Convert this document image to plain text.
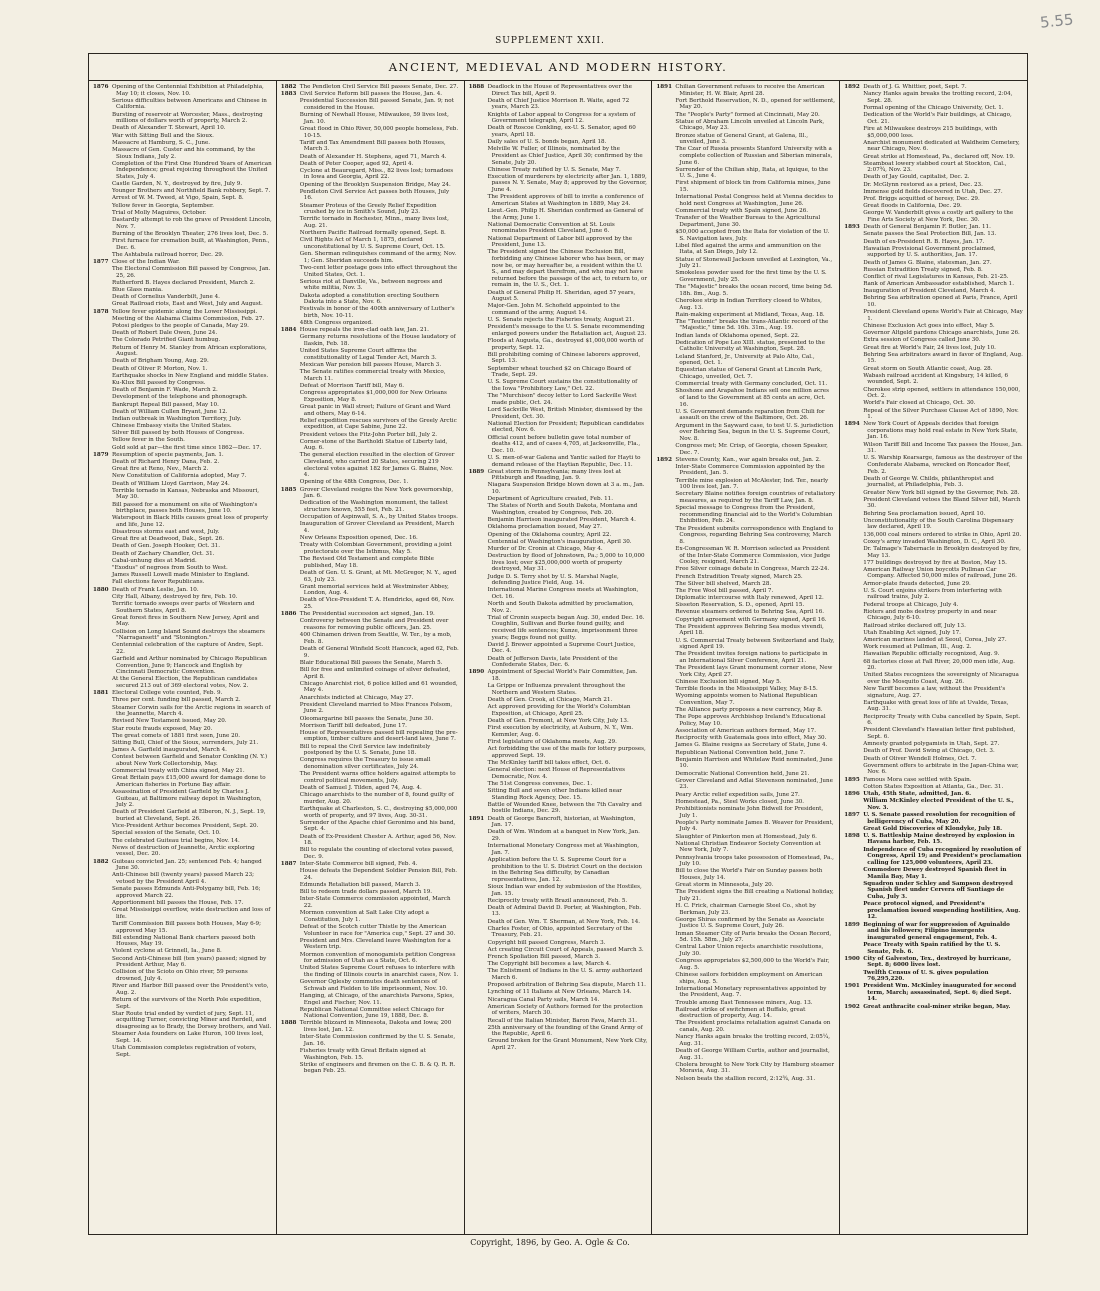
5.55
SUPPLEMENT XXII.
ANCIENT, MEDIEVAL AND MODERN HISTORY.
1876 Opening of the Centennial Exhibition at Philadelphia, May 10; it closes, Nov. 10.
Serious difficulties between Americans and Chinese in California.
Bursting of reservoir at Worcester, Mass., destroying millions of dollars worth of property, March 2.
Death of Alexander T. Stewart, April 10.
War with Sitting Bull and the Sioux.
Massacre at Hamburg, S. C., June.
Massacre of Gen. Custer and his command, by the Sioux Indians, July 2.
Completion of the First One Hundred Years of American Independence; great rejoicing throughout the United States, July 4.
Castle Garden, N. Y., destroyed by fire, July 9.
Younger Brothers and Northfield Bank robbery, Sept. 7.
Arrest of W. M. Tweed, at Vigo, Spain, Sept. 8.
Yellow fever in Georgia, September.
Trial of Molly Maguires, October.
Dastardly attempt to rob the grave of President Lincoln, Nov. 7.
Burning of the Brooklyn Theater, 276 lives lost, Dec. 5.
First furnace for cremation built, at Washington, Penn., Dec. 6.
The Ashtabula railroad horror, Dec. 29.
1877 Close of the Indian War.
The Electoral Commission Bill passed by Congress, Jan. 25, 26.
Rutherford B. Hayes declared President, March 2.
Blue Glass mania.
Death of Cornelius Vanderbilt, June 4.
Great Railroad riots, East and West, July and August.
1878 Yellow fever epidemic along the Lower Mississippi.
Meeting of the Alabama Claims Commission, Feb. 27.
Potosi pledges to the people of Canada, May 29.
Death of Robert Dale Owen, June 24.
The Colorado Petrified Giant humbug.
Return of Henry M. Stanley from African explorations, August.
Death of Brigham Young, Aug. 29.
Death of Oliver P. Morton, Nov. 1.
Earthquake shocks in New England and middle States.
Ku-Klux Bill passed by Congress.
Death of Benjamin F. Wade, March 2.
Development of the telephone and phonograph.
Bankrupt Repeal Bill passed, May 10.
Death of William Cullen Bryant, June 12.
Indian outbreak in Washington Territory, July.
Chinese Embassy visits the United States.
Silver Bill passed by both Houses of Congress.
Yellow fever in the South.
Gold sold at par—the first time since 1862—Dec. 17.
1879 Resumption of specie payments, Jan. 1.
Death of Richard Henry Dana, Feb. 2.
Great fire at Reno, Nev., March 2.
New Constitution of California adopted, May 7.
Death of William Lloyd Garrison, May 24.
Terrible tornado in Kansas, Nebraska and Missouri, May 30.
Bill passed for a monument on site of Washington's birthplace, passes both Houses, June 10.
Waterspout in Black Hills causes great loss of property and life, June 12.
Disastrous storms east and west, July.
Great fire at Deadwood, Dak., Sept. 26.
Death of Gen. Joseph Hooker, Oct. 31.
Death of Zachary Chandler, Oct. 31.
Cabal-unhung dies at Madrid.
"Exodus" of negroes from South to West.
James Russell Lowell made Minister to England.
Fall elections favor Republicans.
1880 Death of Frank Leslie, Jan. 10.
City Hall, Albany, destroyed by fire, Feb. 10.
Terrific tornado sweeps over parts of Western and Southern States, April 8.
Great forest fires in Southern New Jersey, April and May.
Collision on Long Island Sound destroys the steamers "Narragansett" and "Stonington."
Centennial celebration of the capture of Andre, Sept. 22.
Garfield and Arthur nominated by Chicago Republican Convention, June 9; Hancock and English by Cincinnati Democratic Convention.
At the General Election, the Republican candidates secured 213 out of 369 electoral votes, Nov. 2.
1881 Electoral College vote counted, Feb. 9.
Three per cent. funding bill passed, March 2.
Steamer Corwin sails for the Arctic regions in search of the Jeannette, March 4.
Revised New Testament issued, May 20.
Star route frauds exposed, May 20.
The great comets of 1881 first seen, June 20.
Sitting Bull, Chief of the Sioux, surrenders, July 21.
James A. Garfield inaugurated, March 4.
Contest between Garfield and Senator Conkling (N. Y.) about New York Collectorship, May.
Commercial treaty with China signed, May 21.
Great Britain pays £15,000 award for damage done to American fisheries in Fortune Bay affair.
Assassination of President Garfield by Charles J. Guiteau, at Baltimore railway depot in Washington, July 2.
Death of President Garfield at Elberon, N. J., Sept. 19, buried at Cleveland, Sept. 26.
Vice-President Arthur becomes President, Sept. 20.
Special session of the Senate, Oct. 10.
The celebrated Guiteau trial begins, Nov. 14.
News of destruction of Jeannette, Arctic exploring vessel, Dec. 20.
1882 Guiteau convicted Jan. 25; sentenced Feb. 4; hanged June 30.
Anti-Chinese bill (twenty years) passed March 23; vetoed by the President April 4.
Senate passes Edmunds Anti-Polygamy bill, Feb. 16; approved March 22.
Apportionment bill passes the House, Feb. 17.
Great Mississippi overflow, wide destruction and loss of life.
Tariff Commission Bill passes both Houses, May 6-9; approved May 15.
Bill extending National Bank charters passed both Houses, May 19.
Violent cyclone at Grinnell, Ia., June 8.
Second Anti-Chinese bill (ten years) passed; signed by President Arthur, May 6.
Collision of the Scioto on Ohio river, 59 persons drowned, July 4.
River and Harbor Bill passed over the President's veto, Aug. 2.
Return of the survivors of the North Pole expedition, Sept.
Star Route trial ended by verdict of jury, Sept. 11, acquitting Turner, convicting Miner and Rerdell, and disagreeing as to Brady, the Dorsey brothers, and Vail.
Steamer Asia founders on Lake Huron, 100 lives lost, Sept. 14.
Utah Commission completes registration of voters, Sept.
1882 The Pendleton Civil Service Bill passes Senate, Dec. 27.
1883 Civil Service Reform bill passes the House, Jan. 4.
Presidential Succession Bill passed Senate, Jan. 9; not considered in the House.
Burning of Newhall House, Milwaukee, 59 lives lost, Jan. 10.
Great flood in Ohio River, 50,000 people homeless, Feb. 10-15.
Tariff and Tax Amendment Bill passes both Houses, March 3.
Death of Alexander H. Stephens, aged 71, March 4.
Death of Peter Cooper, aged 92, April 4.
Cyclone at Beauregard, Miss., 82 lives lost; tornadoes in Iowa and Georgia, April 22.
Opening of the Brooklyn Suspension Bridge, May 24.
Pendleton Civil Service Act passes both Houses, July 16.
Steamer Proteus of the Greely Relief Expedition crushed by ice in Smith's Sound, July 23.
Terrific tornado in Rochester, Minn., many lives lost, Aug. 21.
Northern Pacific Railroad formally opened, Sept. 8.
Civil Rights Act of March 1, 1875, declared unconstitutional by U. S. Supreme Court, Oct. 15.
Gen. Sherman relinquishes command of the army, Nov. 1; Gen. Sheridan succeeds him.
Two-cent letter postage goes into effect throughout the United States, Oct. 1.
Serious riot at Danville, Va., between negroes and white militia, Nov. 3.
Dakota adopted a constitution erecting Southern Dakota into a State, Nov. 6.
Festivals in honor of the 400th anniversary of Luther's birth, Nov. 10-11.
48th Congress organized.
1884 House repeals the iron-clad oath law, Jan. 21.
Germany returns resolutions of the House laudatory of Ilaskin, Feb. 18.
United States Supreme Court affirms the constitutionality of Legal Tender Act, March 3.
Mexican War pension bill passes House, March 3.
The Senate ratifies commercial treaty with Mexico, March 11.
Defeat of Morrison Tariff bill, May 6.
Congress appropriates $1,000,000 for New Orleans Exposition, May 8.
Great panic in Wall street; Failure of Grant and Ward and others, May 6-14.
Relief expedition rescues survivors of the Greely Arctic expedition, at Cape Sabine, June 22.
President vetoes the Fitz-John Porter bill, July 2.
Corner-stone of the Bartholdi Statue of Liberty laid, Aug. 6.
The general election resulted in the election of Grover Cleveland, who carried 20 States, securing 219 electoral votes against 182 for James G. Blaine, Nov. 4.
Opening of the 48th Congress, Dec. 1.
1885 Grover Cleveland resigns the New York governorship, Jan. 6.
Dedication of the Washington monument, the tallest structure known, 555 feet, Feb. 21.
Occupation of Aspinwall, S. A., by United States troops.
Inauguration of Grover Cleveland as President, March 4.
New Orleans Exposition opened, Dec. 16.
Treaty with Colombian Government, providing a joint protectorate over the Isthmus, May 5.
The Revised Old Testament and complete Bible published, May 18.
Death of Gen. U. S. Grant, at Mt. McGregor, N. Y., aged 63, July 23.
Grant memorial services held at Westminster Abbey, London, Aug. 4.
Death of Vice-President T. A. Hendricks, aged 66, Nov. 25.
1886 The Presidential succession act signed, Jan. 19.
Controversy between the Senate and President over reasons for removing public officers, Jan. 25.
400 Chinamen driven from Seattle, W. Ter., by a mob, Feb. 8.
Death of General Winfield Scott Hancock, aged 62, Feb. 9.
Blair Educational Bill passes the Senate, March 5.
Bill for free and unlimited coinage of silver defeated, April 8.
Chicago Anarchist riot, 6 police killed and 61 wounded, May 4.
Anarchists indicted at Chicago, May 27.
President Cleveland married to Miss Frances Folsom, June 2.
Oleomargarine bill passes the Senate, June 30.
Morrison Tariff bill defeated, June 17.
House of Representatives passed bill repealing the pre-emption, timber culture and desert-land laws, June 7.
Bill to repeal the Civil Service law indefinitely postponed by the U. S. Senate, June 18.
Congress requires the Treasury to issue small denomination silver certificates, July 24.
The President warns office holders against attempts to control political movements, July.
Death of Samuel J. Tilden, aged 74, Aug. 4.
Chicago anarchists to the number of 8, found guilty of murder, Aug. 20.
Earthquake at Charleston, S. C., destroying $5,000,000 worth of property, and 97 lives, Aug. 30-31.
Surrender of the Apache chief Geronimo and his band, Sept. 4.
Death of Ex-President Chester A. Arthur, aged 56, Nov. 18.
Bill to regulate the counting of electoral votes passed, Dec. 9.
1887 Inter-State Commerce bill signed, Feb. 4.
House defeats the Dependent Soldier Pension Bill, Feb. 24.
Edmunds Retaliation bill passed, March 3.
Bill to redeem trade dollars passed, March 19.
Inter-State Commerce commission appointed, March 22.
Mormon convention at Salt Lake City adopt a Constitution, July 1.
Defeat of the Scotch cutter Thistle by the American Volunteer in race for "America cup," Sept. 27 and 30.
President and Mrs. Cleveland leave Washington for a Western trip.
Mormon convention of monogamists petition Congress for admission of Utah as a State, Oct. 6.
United States Supreme Court refuses to interfere with the finding of Illinois courts in anarchist cases, Nov. 1.
Governor Oglesby commutes death sentences of Schwab and Fielden to life imprisonment, Nov. 10.
Hanging, at Chicago, of the anarchists Parsons, Spies, Engel and Fischer, Nov. 11.
Republican National Committee select Chicago for National Convention, June 19, 1888, Dec. 8.
1888 Terrible blizzard in Minnesota, Dakota and Iowa; 200 lives lost, Jan. 12.
Inter-State Commission confirmed by the U. S. Senate, Jan. 16.
Fisheries treaty with Great Britain signed at Washington, Feb. 15.
Strike of engineers and firemen on the C. B. & Q. R. R. began Feb. 25.
1888 Deadlock in the House of Representatives over the Direct Tax bill, April 9.
Death of Chief Justice Morrison R. Waite, aged 72 years, March 23.
Knights of Labor appeal to Congress for a system of Government telegraph, April 12.
Death of Roscoe Conkling, ex-U. S. Senator, aged 60 years, April 18.
Daily sales of U. S. bonds began, April 18.
Melville W. Fuller, of Illinois, nominated by the President as Chief Justice, April 30; confirmed by the Senate, July 20.
Chinese Treaty ratified by U. S. Senate, May 7.
Execution of murderers by electricity after Jan. 1, 1889, passes N. Y. Senate, May 8; approved by the Governor, June 4.
The President approves of bill to invite a conference of American States at Washington in 1889, May 24.
Lieut.-Gen. Philip H. Sheridan confirmed as General of the Army, June 1.
National Democratic Convention at St. Louis renominates President Cleveland, June 6.
National Department of Labor bill approved by the President, June 13.
The President signed the Chinese Exclusion Bill, forbidding any Chinese laborer who has been, or may now be, or may hereafter be, a resident within the U. S., and may depart therefrom, and who may not have returned before the passage of the act, to return to, or remain in, the U. S., Oct. 1.
Death of General Philip H. Sheridan, aged 57 years, August 5.
Major-Gen. John M. Schofield appointed to the command of the army, August 14.
U. S. Senate rejects the Fisheries treaty, August 21.
President's message to the U. S. Senate recommending enlarged powers under the Retaliation act, August 23.
Floods at Augusta, Ga., destroyed $1,000,000 worth of property, Sept. 12.
Bill prohibiting coming of Chinese laborers approved, Sept. 13.
September wheat touched $2 on Chicago Board of Trade, Sept. 29.
U. S. Supreme Court sustains the constitutionality of the Iowa "Prohibitory Law," Oct. 22.
The "Murchison" decoy letter to Lord Sackville West made public, Oct. 24.
Lord Sackville West, British Minister, dismissed by the President, Oct. 30.
National Election for President; Republican candidates elected, Nov. 6.
Official count before bulletin gave total number of deaths 412, and of cases 4,705, at Jacksonville, Fla., Dec. 10.
U. S. men-of-war Galena and Yantic sailed for Hayti to demand release of the Haytian Republic, Dec. 11.
1889 Great storm in Pennsylvania; many lives lost at Pittsburgh and Reading, Jan. 9.
Niagara Suspension Bridge blown down at 3 a. m., Jan. 10.
Department of Agriculture created, Feb. 11.
The States of North and South Dakota, Montana and Washington, created by Congress, Feb. 20.
Benjamin Harrison inaugurated President, March 4.
Oklahoma proclamation issued, May 27.
Opening of the Oklahoma country, April 22.
Centennial of Washington's inauguration, April 30.
Murder of Dr. Cronin at Chicago, May 4.
Destruction by flood of Johnstown, Pa.; 5,000 to 10,000 lives lost; over $25,000,000 worth of property destroyed, May 31.
Judge D. S. Terry shot by U. S. Marshal Nagle, defending Justice Field, Aug. 14.
International Marine Congress meets at Washington, Oct. 16.
North and South Dakota admitted by proclamation, Nov. 2.
Trial of Cronin suspects began Aug. 30, ended Dec. 16. Coughlin, Sullivan and Burke found guilty, and received life sentences; Kunze, imprisonment three years; Beggs found not guilty.
David J. Brewer appointed a Supreme Court Justice, Dec. 4.
Death of Jefferson Davis, late President of the Confederate States, Dec. 6.
1890 Appointment of Special World's Fair Committee, Jan. 18.
La Grippe or Influenza prevalent throughout the Northern and Western States.
Death of Gen. Crook, at Chicago, March 21.
Act approved providing for the World's Columbian Exposition, at Chicago, April 25.
Death of Gen. Fremont, at New York City, July 13.
First execution by electricity, at Auburn, N. Y., Wm. Kemmler, Aug. 6.
First legislature of Oklahoma meets, Aug. 29.
Act forbidding the use of the mails for lottery purposes, approved Sept. 19.
The McKinley tariff bill takes effect, Oct. 6.
General election: next House of Representatives Democratic, Nov. 4.
The 51st Congress convenes, Dec. 1.
Sitting Bull and seven other Indians killed near Standing Rock Agency, Dec. 15.
Battle of Wounded Knee, between the 7th Cavalry and hostile Indians, Dec. 29.
1891 Death of George Bancroft, historian, at Washington, Jan. 17.
Death of Wm. Windom at a banquet in New York, Jan. 29.
International Monetary Congress met at Washington, Jan. 7.
Application before the U. S. Supreme Court for a prohibition to the U. S. District Court on the decision in the Behring Sea difficulty, by Canadian representatives, Jan. 12.
Sioux Indian war ended by submission of the Hostiles, Jan. 15.
Reciprocity treaty with Brazil announced, Feb. 5.
Death of Admiral David D. Porter, at Washington, Feb. 13.
Death of Gen. Wm. T. Sherman, at New York, Feb. 14.
Charles Foster, of Ohio, appointed Secretary of the Treasury, Feb. 21.
Copyright bill passed Congress, March 3.
Act creating Circuit Court of Appeals, passed March 3.
French Spoliation Bill passed, March 3.
The Copyright bill becomes a law, March 4.
The Enlistment of Indians in the U. S. army authorized March 6.
Proposed arbitration of Behring Sea dispute, March 11.
Lynching of 11 Italians at New Orleans, March 14.
Nicaragua Canal Party sails, March 14.
American Society of Authors formed for the protection of writers, March 30.
Recall of the Italian Minister, Baron Fava, March 31.
25th anniversary of the founding of the Grand Army of the Republic, April 6.
Ground broken for the Grant Monument, New York City, April 27.
1891 Chilian Government refuses to receive the American Minister, H. W. Blair, April 28.
Fort Berthold Reservation, N. D., opened for settlement, May 20.
The "People's Party" formed at Cincinnati, May 20.
Statue of Abraham Lincoln unveiled at Lincoln Park, Chicago, May 23.
Bronze statue of General Grant, at Galena, Ill., unveiled, June 3.
The Czar of Russia presents Stanford University with a complete collection of Russian and Siberian minerals, June 6.
Surrender of the Chilian ship, Itata, at Iquique, to the U. S., June 4.
First shipment of block tin from California mines, June 15.
International Postal Congress held at Vienna decides to hold next Congress at Washington, June 26.
Commercial treaty with Spain signed, June 26.
Transfer of the Weather Bureau to the Agricultural Department, June 30.
$50,000 accepted from the Itata for violation of the U. S. Navigation laws, July.
Libel filed against the arms and ammunition on the Itata, at San Diego, July 12.
Statue of Stonewall Jackson unveiled at Lexington, Va., July 21.
Smokeless powder used for the first time by the U. S. Government, July 25.
The "Majestic" breaks the ocean record, time being 5d. 18h. 8m., Aug. 5.
Cherokee strip in Indian Territory closed to Whites, Aug. 13.
Rain-making experiment at Midland, Texas, Aug. 18.
The "Teutonic" breaks the trans-Atlantic record of the "Majestic," time 5d. 16h. 31m., Aug. 19.
Indian lands of Oklahoma opened, Sept. 22.
Dedication of Pope Leo XIII. statue, presented to the Catholic University at Washington, Sept. 28.
Leland Stanford, Jr., University at Palo Alto, Cal., opened, Oct. 1.
Equestrian statue of General Grant at Lincoln Park, Chicago, unveiled, Oct. 7.
Commercial treaty with Germany concluded, Oct. 11.
Shoshone and Arapahoe Indians sell one million acres of land to the Government at 85 cents an acre, Oct. 16.
U. S. Government demands reparation from Chili for assault on the crew of the Baltimore, Oct. 26.
Argument in the Sayward case, to test U. S. jurisdiction over Behring Sea, begun in the U. S. Supreme Court, Nov. 8.
Congress met; Mr. Crisp, of Georgia, chosen Speaker, Dec. 7.
1892 Stevens County, Kan., war again breaks out, Jan. 2.
Inter-State Commerce Commission appointed by the President, Jan. 5.
Terrible mine explosion at McAlester, Ind. Ter., nearly 100 lives lost, Jan. 7.
Secretary Blaine notifies foreign countries of retaliatory measures, as required by the Tariff Law, Jan. 8.
Special message to Congress from the President, recommending financial aid to the World's Columbian Exhibition, Feb. 24.
The President submits correspondence with England to Congress, regarding Behring Sea controversy, March 8.
Ex-Congressman W. R. Morrison selected as President of the Inter-State Commerce Commission, vice Judge Cooley, resigned, March 21.
Free Silver coinage debate in Congress, March 22-24.
French Extradition Treaty signed, March 25.
The Silver bill shelved, March 28.
The Free Wool bill passed, April 7.
Diplomatic intercourse with Italy renewed, April 12.
Sisseton Reservation, S. D., opened, April 15.
Revenue steamers ordered to Behring Sea, April 16.
Copyright agreement with Germany signed, April 16.
The President approves Behring Sea modus vivendi, April 18.
U. S. Commercial Treaty between Switzerland and Italy, signed April 19.
The President invites foreign nations to participate in an International Silver Conference, April 21.
The President lays Grant monument corner stone, New York City, April 27.
Chinese Exclusion bill signed, May 5.
Terrible floods in the Mississippi Valley, May 8-15.
Wyoming appoints women to National Republican Convention, May 7.
The Alliance party proposes a new currency, May 8.
The Pope approves Archbishop Ireland's Educational Policy, May 10.
Association of American authors formed, May 17.
Reciprocity with Guatemala goes into effect, May 30.
James G. Blaine resigns as Secretary of State, June 4.
Republican National Convention held, June 7.
Benjamin Harrison and Whitelaw Reid nominated, June 10.
Democratic National Convention held, June 21.
Grover Cleveland and Adlai Stevenson nominated, June 23.
Peary Arctic relief expedition sails, June 27.
Homestead, Pa., Steel Works closed, June 30.
Prohibitionists nominate John Bidwell for President, July 1.
People's Party nominate James B. Weaver for President, July 4.
Slaughter of Pinkerton men at Homestead, July 6.
National Christian Endeavor Society Convention at New York, July 7.
Pennsylvania troops take possession of Homestead, Pa., July 10.
Bill to close the World's Fair on Sunday passes both Houses, July 14.
Great storm in Minnesota, July 20.
The President signs the Bill creating a National holiday, July 21.
H. C. Frick, chairman Carnegie Steel Co., shot by Berkman, July 23.
George Shiras confirmed by the Senate as Associate Justice U. S. Supreme Court, July 26.
Inman Steamer City of Paris breaks the Ocean Record, 5d. 15h. 58m., July 27.
Central Labor Union rejects anarchistic resolutions, July 30.
Congress appropriates $2,500,000 to the World's Fair, Aug. 5.
Chinese sailors forbidden employment on American ships, Aug. 5.
International Monetary representatives appointed by the President, Aug. 7.
Trouble among East Tennessee miners, Aug. 13.
Railroad strike of switchmen at Buffalo, great destruction of property, Aug. 14.
The President proclaims retaliation against Canada on canals, Aug. 20.
Nancy Hanks again breaks the trotting record, 2:05¼, Aug. 31.
Death of George William Curtis, author and journalist, Aug. 31.
Cholera brought to New York City by Hamburg steamer Moravia, Aug. 31.
Nelson beats the stallion record, 2:12¾, Aug. 31.
1892 Death of J. G. Whittier, poet, Sept. 7.
Nancy Hanks again breaks the trotting record, 2:04, Sept. 28.
Formal opening of the Chicago University, Oct. 1.
Dedication of the World's Fair buildings, at Chicago, Oct. 21.
Fire at Milwaukee destroys 215 buildings, with $5,000,000 loss.
Anarchist monument dedicated at Waldheim Cemetery, near Chicago, Nov. 6.
Great strike at Homestead, Pa., declared off, Nov. 19.
Steamboat lowery stabbed court at Stockton, Cal., 2:07¾, Nov. 23.
Death of Jay Gould, capitalist, Dec. 2.
Dr. McGlynn restored as a priest, Dec. 23.
Immense gold fields discovered in Utah, Dec. 27.
Prof. Briggs acquitted of heresy, Dec. 29.
Great floods in California, Dec. 29.
George W. Vanderbilt gives a costly art gallery to the Fine Arts Society at New York, Dec. 30.
1893 Death of General Benjamin F. Butler, Jan. 11.
Senate passes the Seal Protection Bill, Jan. 13.
Death of ex-President R. B. Hayes, Jan. 17.
Hawaiian Provisional Government proclaimed, supported by U. S. authorities, Jan. 17.
Death of James G. Blaine, statesman, Jan. 27.
Russian Extradition Treaty signed, Feb. 8.
Conflict of rival Legislatures in Kansas, Feb. 21-25.
Rank of American Ambassador established, March 1.
Inauguration of President Cleveland, March 4.
Behring Sea arbitration opened at Paris, France, April 10.
President Cleveland opens World's Fair at Chicago, May 1.
Chinese Exclusion Act goes into effect, May 5.
Governor Altgeld pardons Chicago anarchists, June 26.
Extra session of Congress called June 30.
Great fire at World's Fair, 24 lives lost, July 10.
Behring Sea arbitrators award in favor of England, Aug. 15.
Great storm on South Atlantic coast, Aug. 28.
Wabash railroad accident at Kingsbury, 14 killed, 6 wounded, Sept. 2.
Cherokee strip opened, settlers in attendance 150,000, Oct. 2.
World's Fair closed at Chicago, Oct. 30.
Repeal of the Silver Purchase Clause Act of 1890, Nov. 1.
1894 New York Court of Appeals decides that foreign corporations may hold real estate in New York State, Jan. 16.
Wilson Tariff Bill and Income Tax passes the House, Jan. 31.
U. S. Warship Kearsarge, famous as the destroyer of the Confederate Alabama, wrecked on Roncador Reef, Feb. 2.
Death of George W. Childs, philanthropist and journalist, at Philadelphia, Feb. 3.
Greater New York bill signed by the Governor, Feb. 28.
President Cleveland vetoes the Bland Silver bill, March 30.
Behring Sea proclamation issued, April 10.
Unconstitutionality of the South Carolina Dispensary law declared, April 19.
136,000 coal miners ordered to strike in Ohio, April 20.
Coxey's army invaded Washington, D. C., April 30.
Dr. Talmage's Tabernacle in Brooklyn destroyed by fire, May 13.
177 buildings destroyed by fire at Boston, May 15.
American Railway Union boycotts Pullman Car Company. Affected 50,000 miles of railroad, June 26.
Armor-plate frauds detected, June 29.
U. S. Court enjoins strikers from interfering with railroad trains, July 2.
Federal troops at Chicago, July 4.
Rioters and mobs destroy property in and near Chicago, July 6-10.
Railroad strike declared off, July 13.
Utah Enabling Act signed, July 17.
American marines landed at Seoul, Corea, July 27.
Work resumed at Pullman, Ill., Aug. 2.
Hawaiian Republic officially recognized, Aug. 9.
68 factories close at Fall River, 20,000 men idle, Aug. 20.
United States recognizes the sovereignty of Nicaragua over the Mosquito Coast, Aug. 26.
New Tariff becomes a law, without the President's signature, Aug. 27.
Earthquake with great loss of life at Uvalde, Texas, Aug. 31.
Reciprocity Treaty with Cuba cancelled by Spain, Sept. 6.
President Cleveland's Hawaiian letter first published, Sept. 6.
Amnesty granted polygamists in Utah, Sept. 27.
Death of Prof. David Swing at Chicago, Oct. 3.
Death of Oliver Wendell Holmes, Oct. 7.
Government offers to arbitrate in the Japan-China war, Nov. 6.
1895 Famous Mora case settled with Spain.
Cotton States Exposition at Atlanta, Ga., Dec. 31.
1896 Utah, 45th State, admitted, Jan. 6.
William McKinley elected President of the U. S., Nov. 3.
1897 U. S. Senate passed resolution for recognition of belligerency of Cuba, May 20.
Great Gold Discoveries of Klondyke, July 18.
1898 U. S. Battleship Maine destroyed by explosion in Havana harbor, Feb. 15.
Independence of Cuba recognized by resolution of Congress, April 19; and President's proclamation calling for 125,000 volunteers, April 23.
Commodore Dewey destroyed Spanish fleet in Manila Bay, May 1.
Squadron under Schley and Sampson destroyed Spanish fleet under Cervera off Santiago de Cuba, July 3.
Peace protocol signed, and President's proclamation issued suspending hostilities, Aug. 12.
1899 Beginning of war for suppression of Aguinaldo and his followers; Filipino insurgents inaugurated general engagement, Feb. 4.
Peace Treaty with Spain ratified by the U. S. Senate, Feb. 6.
1900 City of Galveston, Tex., destroyed by hurricane, Sept. 8; 6000 lives lost.
Twelfth Census of U. S. gives population 76,295,220.
1901 President Wm. McKinley inaugurated for second term, March; assassinated, Sept. 6; died Sept. 14.
1902 Great anthracite coal-miner strike began, May.
Copyright, 1896, by Geo. A. Ogle & Co.
